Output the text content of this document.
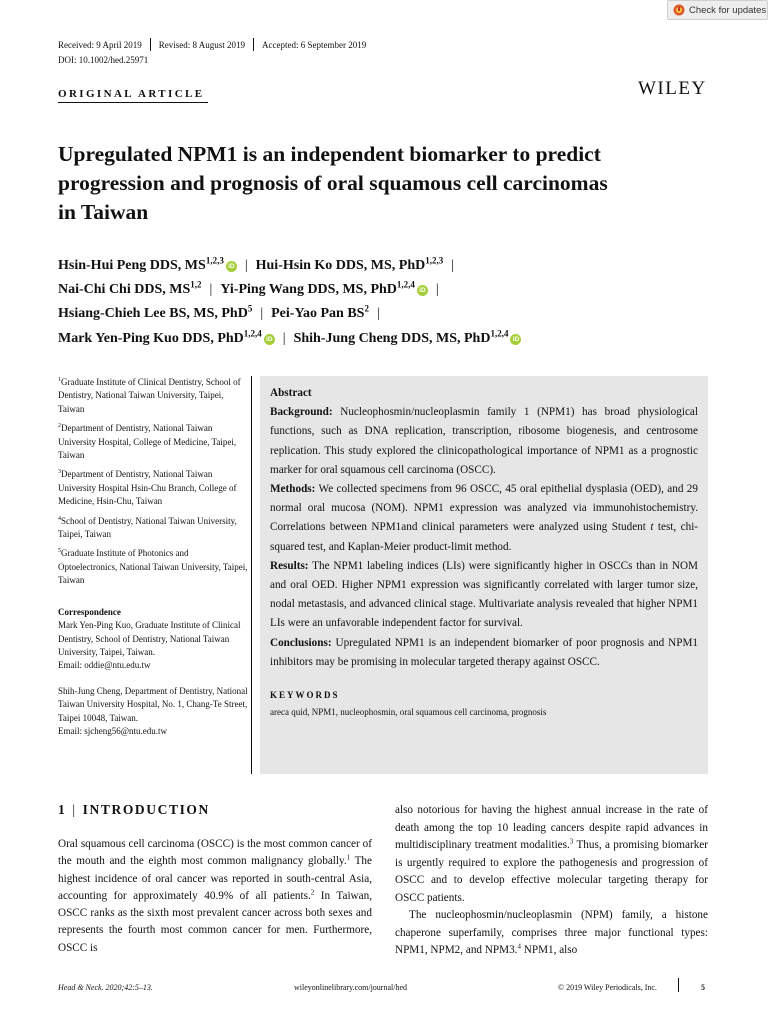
Check for updates
Received: 9 April 2019 Revised: 8 August 2019 Accepted: 6 September 2019
DOI: 10.1002/hed.25971
ORIGINAL ARTICLE	WILEY
Upregulated NPM1 is an independent biomarker to predict
progression and prognosis of oral squamous cell carcinomas
in Taiwan
Hsin-Hui Peng DDS, MS$^{1,2,3}$iD | Hui-Hsin Ko DDS, MS, PhD$^{1,2,3}$ |
Nai-Chi Chi DDS, MS$^{1,2}$ | Yi-Ping Wang DDS, MS, PhD$^{1,2,4}$iD |
Hsiang-Chieh Lee BS, MS, PhD$^5$ | Pei-Yao Pan $BS^2$ |
Mark Yen-Ping Kuo DDS, PhD$^{1,2,4}$iD | Shih-Jung Cheng DDS, MS, PhD$^{1,2,4}$iD
$^1$Graduate Institute of Clinical Dentistry, School of Dentistry, National Taiwan University, Taipei, Taiwan
$^2$Department of Dentistry, National Taiwan University Hospital, College of Medicine, Taipei, Taiwan
$^3$Department of Dentistry, National Taiwan University Hospital Hsin-Chu Branch, College of Medicine, Hsin-Chu, Taiwan
$^4$School of Dentistry, National Taiwan University, Taipei, Taiwan
$^5$Graduate Institute of Photonics and Optoelectronics, National Taiwan University, Taipei, Taiwan
Correspondence
Mark Yen-Ping Kuo, Graduate Institute of Clinical Dentistry, School of Dentistry, National Taiwan University, Taipei, Taiwan.
Email: oddie@ntu.edu.tw
Shih-Jung Cheng, Department of Dentistry, National Taiwan University Hospital, No. 1, Chang-Te Street, Taipei 10048, Taiwan.
Email: sjcheng56@ntu.edu.tw
Abstract

Background: Nucleophosmin/nucleoplasmin family 1 (NPM1) has broad physiological functions, such as DNA replication, transcription, ribosome biogenesis, and centrosome replication. This study explored the clinicopathological importance of NPM1 as a prognostic marker for oral squamous cell carcinoma (OSCC).

Methods: We collected specimens from 96 OSCC, 45 oral epithelial dysplasia (OED), and 29 normal oral mucosa (NOM). NPM1 expression was analyzed via immunohistochemistry. Correlations between NPM1and clinical parameters were analyzed using Student t test, chi-squared test, and Kaplan-Meier product-limit method.

Results: The NPM1 labeling indices (LIs) were significantly higher in OSCCs than in NOM and oral OED. Higher NPM1 expression was significantly correlated with larger tumor size, nodal metastasis, and advanced clinical stage. Multivariate analysis revealed that higher NPM1 LIs were an unfavorable independent factor for survival.

Conclusions: Upregulated NPM1 is an independent biomarker of poor prognosis and NPM1 inhibitors may be promising in molecular targeted therapy against OSCC.

KEYWORDS
areca quid, NPM1, nucleophosmin, oral squamous cell carcinoma, prognosis
1 | INTRODUCTION

Oral squamous cell carcinoma (OSCC) is the most common cancer of the mouth and the eighth most common malignancy globally.$^1$ The highest incidence of oral cancer was reported in south-central Asia, accounting for approximately 40.9% of all patients.$^2$ In Taiwan, OSCC ranks as the sixth most prevalent cancer across both sexes and represents the fourth most common cancer for men. Furthermore, OSCC is

also notorious for having the highest annual increase in the rate of death among the top 10 leading cancers despite rapid advances in multidisciplinary treatment modalities.$^3$ Thus, a promising biomarker is urgently required to explore the pathogenesis and progression of OSCC and to develop effective molecular targeting therapy for OSCC patients.

The nucleophosmin/nucleoplasmin (NPM) family, a histone chaperone superfamily, comprises three major functional types: NPM1, NPM2, and NPM3.$^4$ NPM1, also

Head & Neck. 2020;42:5–13.	wileyonlinelibrary.com/journal/hed	© 2019 Wiley Periodicals, Inc.	5
